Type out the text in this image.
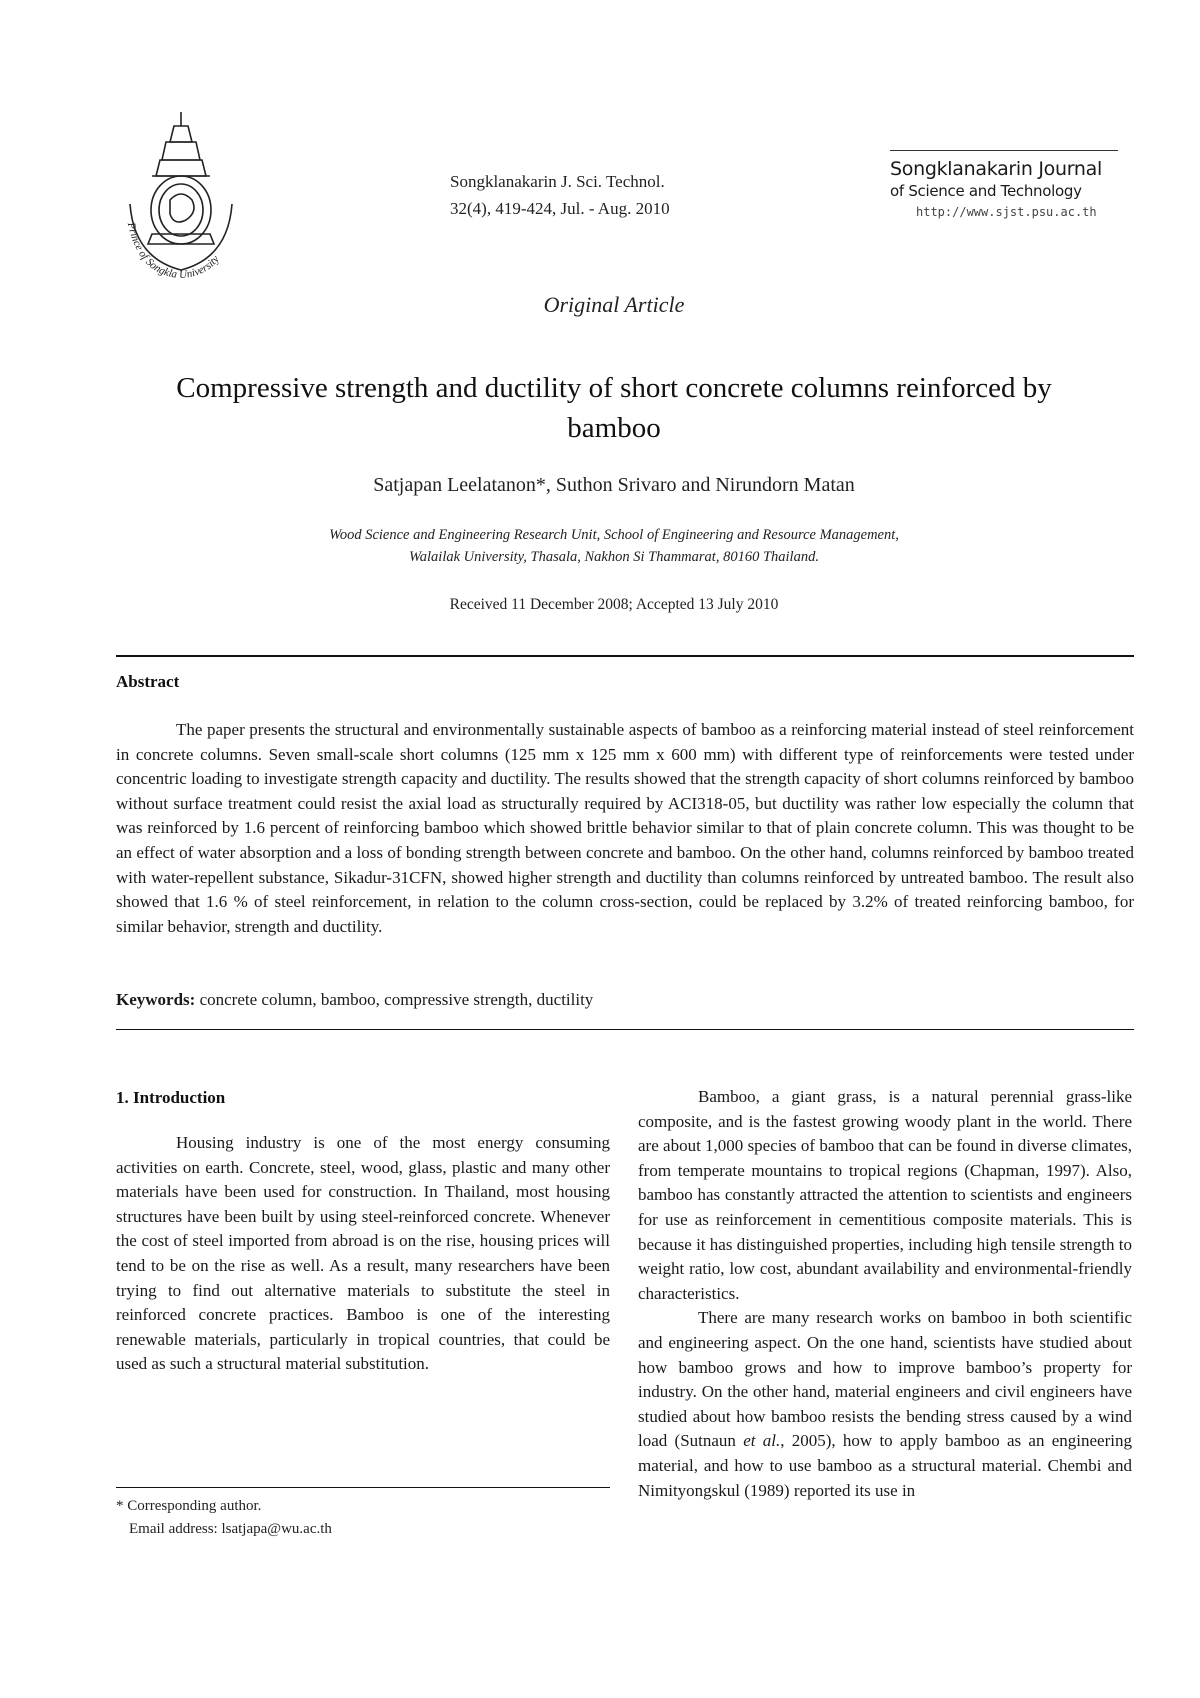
Prince of Songkla University
Songklanakarin J. Sci. Technol.
32(4), 419-424, Jul. - Aug. 2010
Songklanakarin Journal
of Science and Technology
http://www.sjst.psu.ac.th
Original Article
Compressive strength and ductility of short concrete columns reinforced by bamboo
Satjapan Leelatanon*, Suthon Srivaro and Nirundorn Matan
Wood Science and Engineering Research Unit, School of Engineering and Resource Management,
Walailak University, Thasala, Nakhon Si Thammarat, 80160 Thailand.
Received 11 December 2008; Accepted 13 July 2010
Abstract
The paper presents the structural and environmentally sustainable aspects of bamboo as a reinforcing material instead of steel reinforcement in concrete columns. Seven small-scale short columns (125 mm x 125 mm x 600 mm) with different type of reinforcements were tested under concentric loading to investigate strength capacity and ductility. The results showed that the strength capacity of short columns reinforced by bamboo without surface treatment could resist the axial load as structurally required by ACI318-05, but ductility was rather low especially the column that was reinforced by 1.6 percent of reinforcing bamboo which showed brittle behavior similar to that of plain concrete column. This was thought to be an effect of water absorption and a loss of bonding strength between concrete and bamboo. On the other hand, columns reinforced by bamboo treated with water-repellent substance, Sikadur-31CFN, showed higher strength and ductility than columns reinforced by untreated bamboo. The result also showed that 1.6 % of steel reinforcement, in relation to the column cross-section, could be replaced by 3.2% of treated reinforcing bamboo, for similar behavior, strength and ductility.
Keywords: concrete column, bamboo, compressive strength, ductility
1. Introduction

Housing industry is one of the most energy consuming activities on earth. Concrete, steel, wood, glass, plastic and many other materials have been used for construction. In Thailand, most housing structures have been built by using steel-reinforced concrete. Whenever the cost of steel imported from abroad is on the rise, housing prices will tend to be on the rise as well. As a result, many researchers have been trying to find out alternative materials to substitute the steel in reinforced concrete practices. Bamboo is one of the interesting renewable materials, particularly in tropical countries, that could be used as such a structural material substitution.

Bamboo, a giant grass, is a natural perennial grass-like composite, and is the fastest growing woody plant in the world. There are about 1,000 species of bamboo that can be found in diverse climates, from temperate mountains to tropical regions (Chapman, 1997). Also, bamboo has constantly attracted the attention to scientists and engineers for use as reinforcement in cementitious composite materials. This is because it has distinguished properties, including high tensile strength to weight ratio, low cost, abundant availability and environmental-friendly characteristics.

There are many research works on bamboo in both scientific and engineering aspect. On the one hand, scientists have studied about how bamboo grows and how to improve bamboo’s property for industry. On the other hand, material engineers and civil engineers have studied about how bamboo resists the bending stress caused by a wind load (Sutnaun et al., 2005), how to apply bamboo as an engineering material, and how to use bamboo as a structural material. Chembi and Nimityongskul (1989) reported its use in

* Corresponding author.
Email address: lsatjapa@wu.ac.th
